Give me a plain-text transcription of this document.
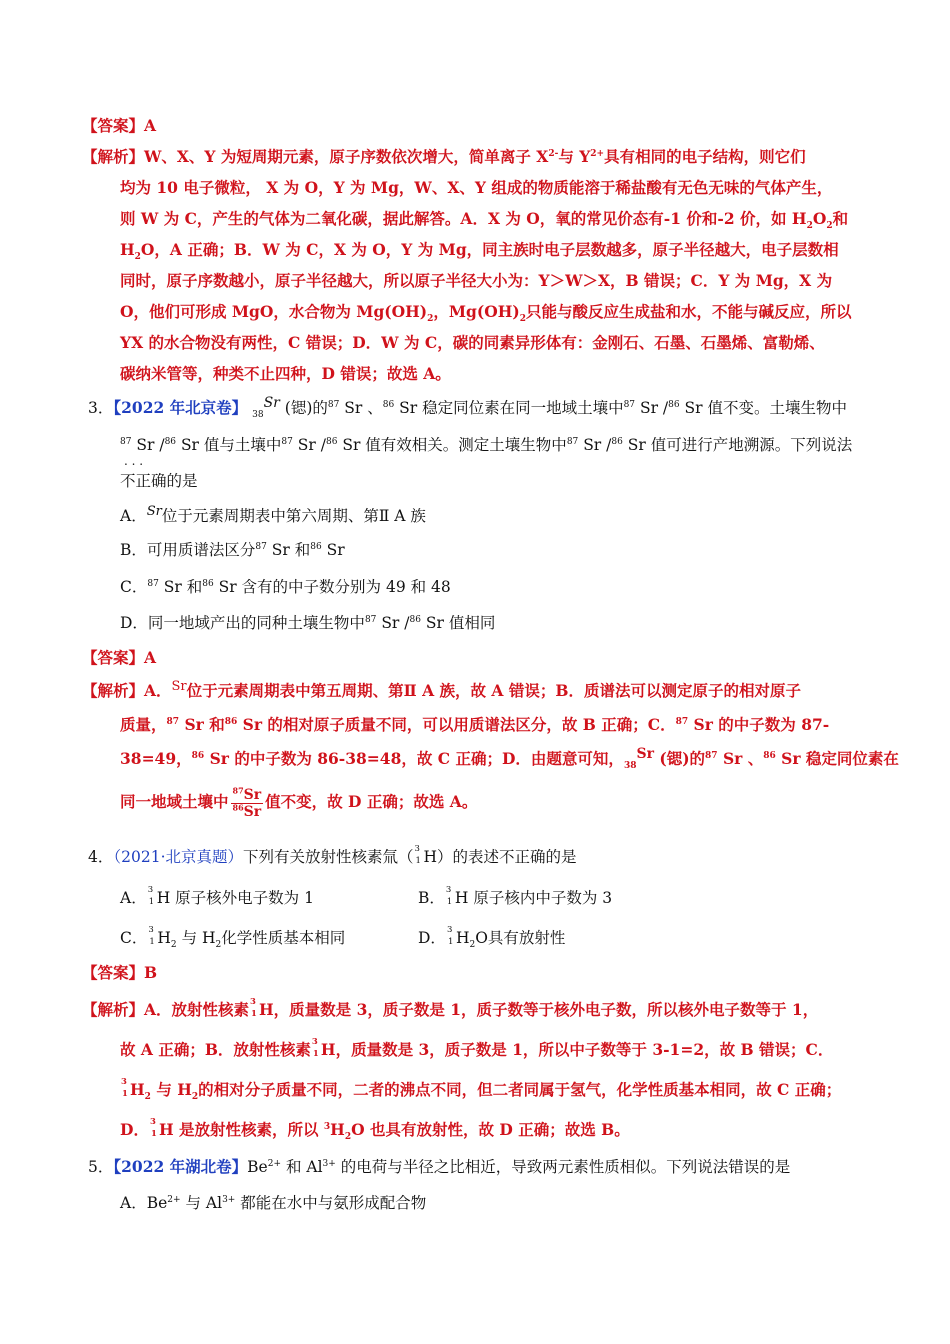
【答案】A
【解析】W、X、Y 为短周期元素，原子序数依次增大，简单离子 $X^{2-}$与 $Y^{2+}$具有相同的电子结构，则它们
均为 10 电子微粒， X 为 O，Y 为 Mg，W、X、Y 组成的物质能溶于稀盐酸有无色无味的气体产生，
则 W 为 C，产生的气体为二氧化碳，据此解答。A．X 为 O，氧的常见价态有-1 价和-2 价，如 $H_2O_2$和
$H_2O$，A 正确；B．W 为 C，X 为 O，Y 为 Mg，同主族时电子层数越多，原子半径越大，电子层数相
同时，原子序数越小，原子半径越大，所以原子半径大小为：Y＞W＞X，B 错误；C．Y 为 Mg，X 为
O，他们可形成 MgO，水合物为 $Mg(OH)_2$，$Mg(OH)_2$只能与酸反应生成盐和水，不能与碱反应，所以
YX 的水合物没有两性，C 错误；D．W 为 C，碳的同素异形体有：金刚石、石墨、石墨烯、富勒烯、
碳纳米管等，种类不止四种，D 错误；故选 A。
3．【2022 年北京卷】 $_{38}^{Sr}$ (锶)的$^{87}$ Sr 、$^{86}$ Sr 稳定同位素在同一地域土壤中$^{87}$ Sr /$^{86}$ Sr 值不变。土壤生物中
$^{87}$ Sr /$^{86}$ Sr 值与土壤中$^{87}$ Sr /$^{86}$ Sr 值有效相关。测定土壤生物中$^{87}$ Sr /$^{86}$ Sr 值可进行产地溯源。下列说法
. . .
不正确的是
A．$^{Sr}$位于元素周期表中第六周期、第Ⅱ A 族
B．可用质谱法区分$^{87}$ Sr 和$^{86}$ Sr
C．$^{87}$ Sr 和$^{86}$ Sr 含有的中子数分别为 49 和 48
D．同一地域产出的同种土壤生物中$^{87}$ Sr /$^{86}$ Sr 值相同
【答案】A
【解析】A．$^{Sr}$位于元素周期表中第五周期、第Ⅱ A 族，故 A 错误；B．质谱法可以测定原子的相对原子
质量，$^{87}$ Sr 和$^{86}$ Sr 的相对原子质量不同，可以用质谱法区分，故 B 正确；C．$^{87}$ Sr 的中子数为 87-
38=49，$^{86}$ Sr 的中子数为 86-38=48，故 C 正确；D．由题意可知，$_{38}^{Sr}$ (锶)的$^{87}$ Sr 、$^{86}$ Sr 稳定同位素在
同一地域土壤中 $\frac{^{87}Sr}{^{86}Sr}$ 值不变，故 D 正确；故选 A。
4．（2021·北京真题）下列有关放射性核素氚（ 3
1 H）的表述不正确的是
A． 3
1 H 原子核外电子数为 1	B． 3
1 H 原子核内中子数为 3
C． 3
1 $H_2$ 与 $H_2$化学性质基本相同	D． 3
1 $H_2O$具有放射性
【答案】B
【解析】A．放射性核素 3
1 H，质量数是 3，质子数是 1，质子数等于核外电子数，所以核外电子数等于 1，
故 A 正确；B．放射性核素 3
1 H，质量数是 3，质子数是 1，所以中子数等于 3-1=2，故 B 错误；C．
3
1 $H_2$ 与 $H_2$的相对分子质量不同，二者的沸点不同，但二者同属于氢气，化学性质基本相同，故 C 正确；
D． 3
1 H 是放射性核素，所以 $^3H_2O$ 也具有放射性，故 D 正确；故选 B。
5．【2022 年湖北卷】$Be^{2+}$ 和 $Al^{3+}$ 的电荷与半径之比相近，导致两元素性质相似。下列说法错误的是
A．$Be^{2+}$ 与 $Al^{3+}$ 都能在水中与氨形成配合物
